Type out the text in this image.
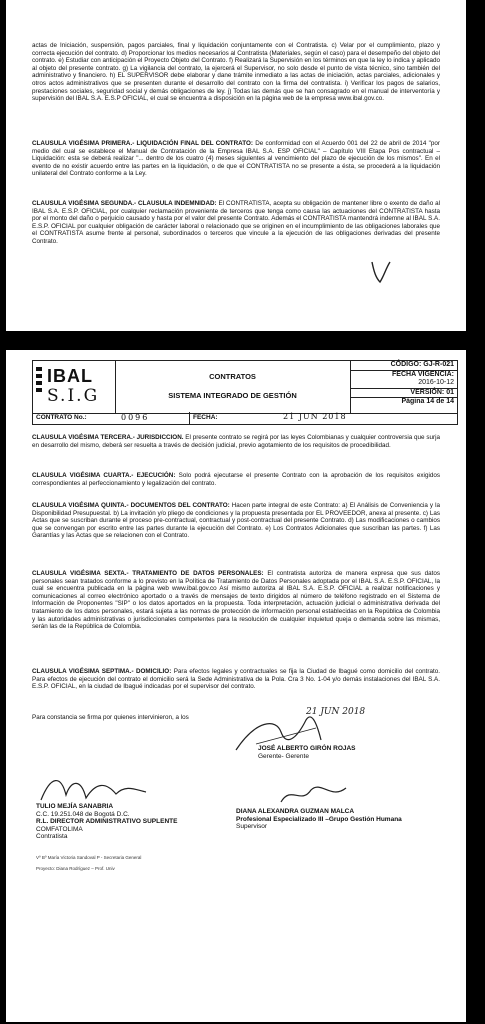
actas de Iniciación, suspensión, pagos parciales, final y liquidación conjuntamente con el Contratista. c) Velar por el cumplimiento, plazo y correcta ejecución del contrato. d) Proporcionar los medios necesarios al Contratista (Materiales, según el caso) para el desempeño del objeto del contrato. e) Estudiar con anticipación el Proyecto Objeto del Contrato. f) Realizará la Supervisión en los términos en que la ley lo indica y aplicado al objeto del presente contrato. g) La vigilancia del contrato, la ejercerá el Supervisor, no solo desde el punto de vista técnico, sino también del administrativo y financiero. h) EL SUPERVISOR debe elaborar y dane trámite inmediato a las actas de iniciación, actas parciales, adicionales y otros actos administrativos que se presenten durante el desarrollo del contrato con la firma del contratista. i) Verificar los pagos de salarios, prestaciones sociales, seguridad social y demás obligaciones de ley. j) Todas las demás que se han consagrado en el manual de interventoría y supervisión del IBAL S.A. E.S.P OFICIAL, el cual se encuentra a disposición en la página web de la empresa www.ibal.gov.co.

CLAUSULA VIGÉSIMA PRIMERA.- LIQUIDACIÓN FINAL DEL CONTRATO: De conformidad con el Acuerdo 001 del 22 de abril de 2014 "por medio del cual se establece el Manual de Contratación de la Empresa IBAL S.A. ESP OFICIAL" – Capítulo VIII Etapa Pos contractual – Liquidación: esta se deberá realizar "... dentro de los cuatro (4) meses siguientes al vencimiento del plazo de ejecución de los mismos". En el evento de no existir acuerdo entre las partes en la liquidación, o de que el CONTRATISTA no se presente a ésta, se procederá a la liquidación unilateral del Contrato conforme a la Ley.

CLAUSULA VIGÉSIMA SEGUNDA.- CLAUSULA INDEMNIDAD: El CONTRATISTA, acepta su obligación de mantener libre o exento de daño al IBAL S.A. E.S.P. OFICIAL, por cualquier reclamación proveniente de terceros que tenga como causa las actuaciones del CONTRATISTA hasta por el monto del daño o perjuicio causado y hasta por el valor del presente Contrato. Además el CONTRATISTA mantendrá indemne al IBAL S.A. E.S.P. OFICIAL por cualquier obligación de carácter laboral o relacionado que se originen en el incumplimiento de las obligaciones laborales que el CONTRATISTA asume frente al personal, subordinados o terceros que vincule a la ejecución de las obligaciones derivadas del presente Contrato.

IBAL
S.I.G
CONTRATOS
SISTEMA INTEGRADO DE GESTIÓN
CÓDIGO: GJ-R-021
FECHA VIGENCIA:
2016-10-12
VERSIÓN: 01
Página 14 de 14
CONTRATO No.:	0096	FECHA:	21 JUN 2018

CLAUSULA VIGÉSIMA TERCERA.- JURISDICCION. El presente contrato se regirá por las leyes Colombianas y cualquier controversia que surja en desarrollo del mismo, deberá ser resuelta a través de decisión judicial, previo agotamiento de los requisitos de procedibilidad.

CLAUSULA VIGÉSIMA CUARTA.- EJECUCIÓN: Solo podrá ejecutarse el presente Contrato con la aprobación de los requisitos exigidos correspondientes al perfeccionamiento y legalización del contrato.

CLAUSULA VIGÉSIMA QUINTA.- DOCUMENTOS DEL CONTRATO: Hacen parte integral de este Contrato: a) El Análisis de Conveniencia y la Disponibilidad Presupuestal. b) La invitación y/o pliego de condiciones y la propuesta presentada por EL PROVEEDOR, anexa al presente. c) Las Actas que se suscriban durante el proceso pre-contractual, contractual y post-contractual del presente Contrato. d) Las modificaciones o cambios que se convengan por escrito entre las partes durante la ejecución del Contrato. e) Los Contratos Adicionales que suscriban las partes. f) Las Garantías y las Actas que se relacionen con el Contrato.

CLAUSULA VIGÉSIMA SEXTA.- TRATAMIENTO DE DATOS PERSONALES: El contratista autoriza de manera expresa que sus datos personales sean tratados conforme a lo previsto en la Política de Tratamiento de Datos Personales adoptada por el IBAL S.A. E.S.P. OFICIAL, la cual se encuentra publicada en la página web www.ibal.gov.co Así mismo autoriza al IBAL S.A. E.S.P. OFICIAL a realizar notificaciones y comunicaciones al correo electrónico aportado o a través de mensajes de texto dirigidos al número de teléfono registrado en el Sistema de Información de Proponentes "SIP" o los datos aportados en la propuesta. Toda interpretación, actuación judicial o administrativa derivada del tratamiento de los datos personales, estará sujeta a las normas de protección de información personal establecidas en la República de Colombia y las autoridades administrativas o jurisdiccionales competentes para la resolución de cualquier inquietud queja o demanda sobre las mismas, serán las de la República de Colombia.

CLAUSULA VIGÉSIMA SEPTIMA.- DOMICILIO: Para efectos legales y contractuales se fija la Ciudad de Ibagué como domicilio del contrato. Para efectos de ejecución del contrato el domicilio será la Sede Administrativa de la Pola. Cra 3 No. 1-04 y/o demás instalaciones del IBAL S.A. E.S.P. OFICIAL, en la ciudad de Ibagué indicadas por el supervisor del contrato.

Para constancia se firma por quienes intervinieron, a los

21 JUN 2018
JOSÉ ALBERTO GIRÓN ROJAS
Gerente- Gerente
TULIO MEJÍA SANABRIA
C.C. 19.251.048 de Bogotá D.C.
R.L. DIRECTOR ADMINISTRATIVO SUPLENTE
COMFATOLIMA
Contratista
DIANA ALEXANDRA GUZMAN MALCA
Profesional Especializado III –Grupo Gestión Humana
Supervisor
Vº Bº María Victoria Sandoval P - Secretaria General
Proyecto: Diana Rodríguez – Prof. Univ
